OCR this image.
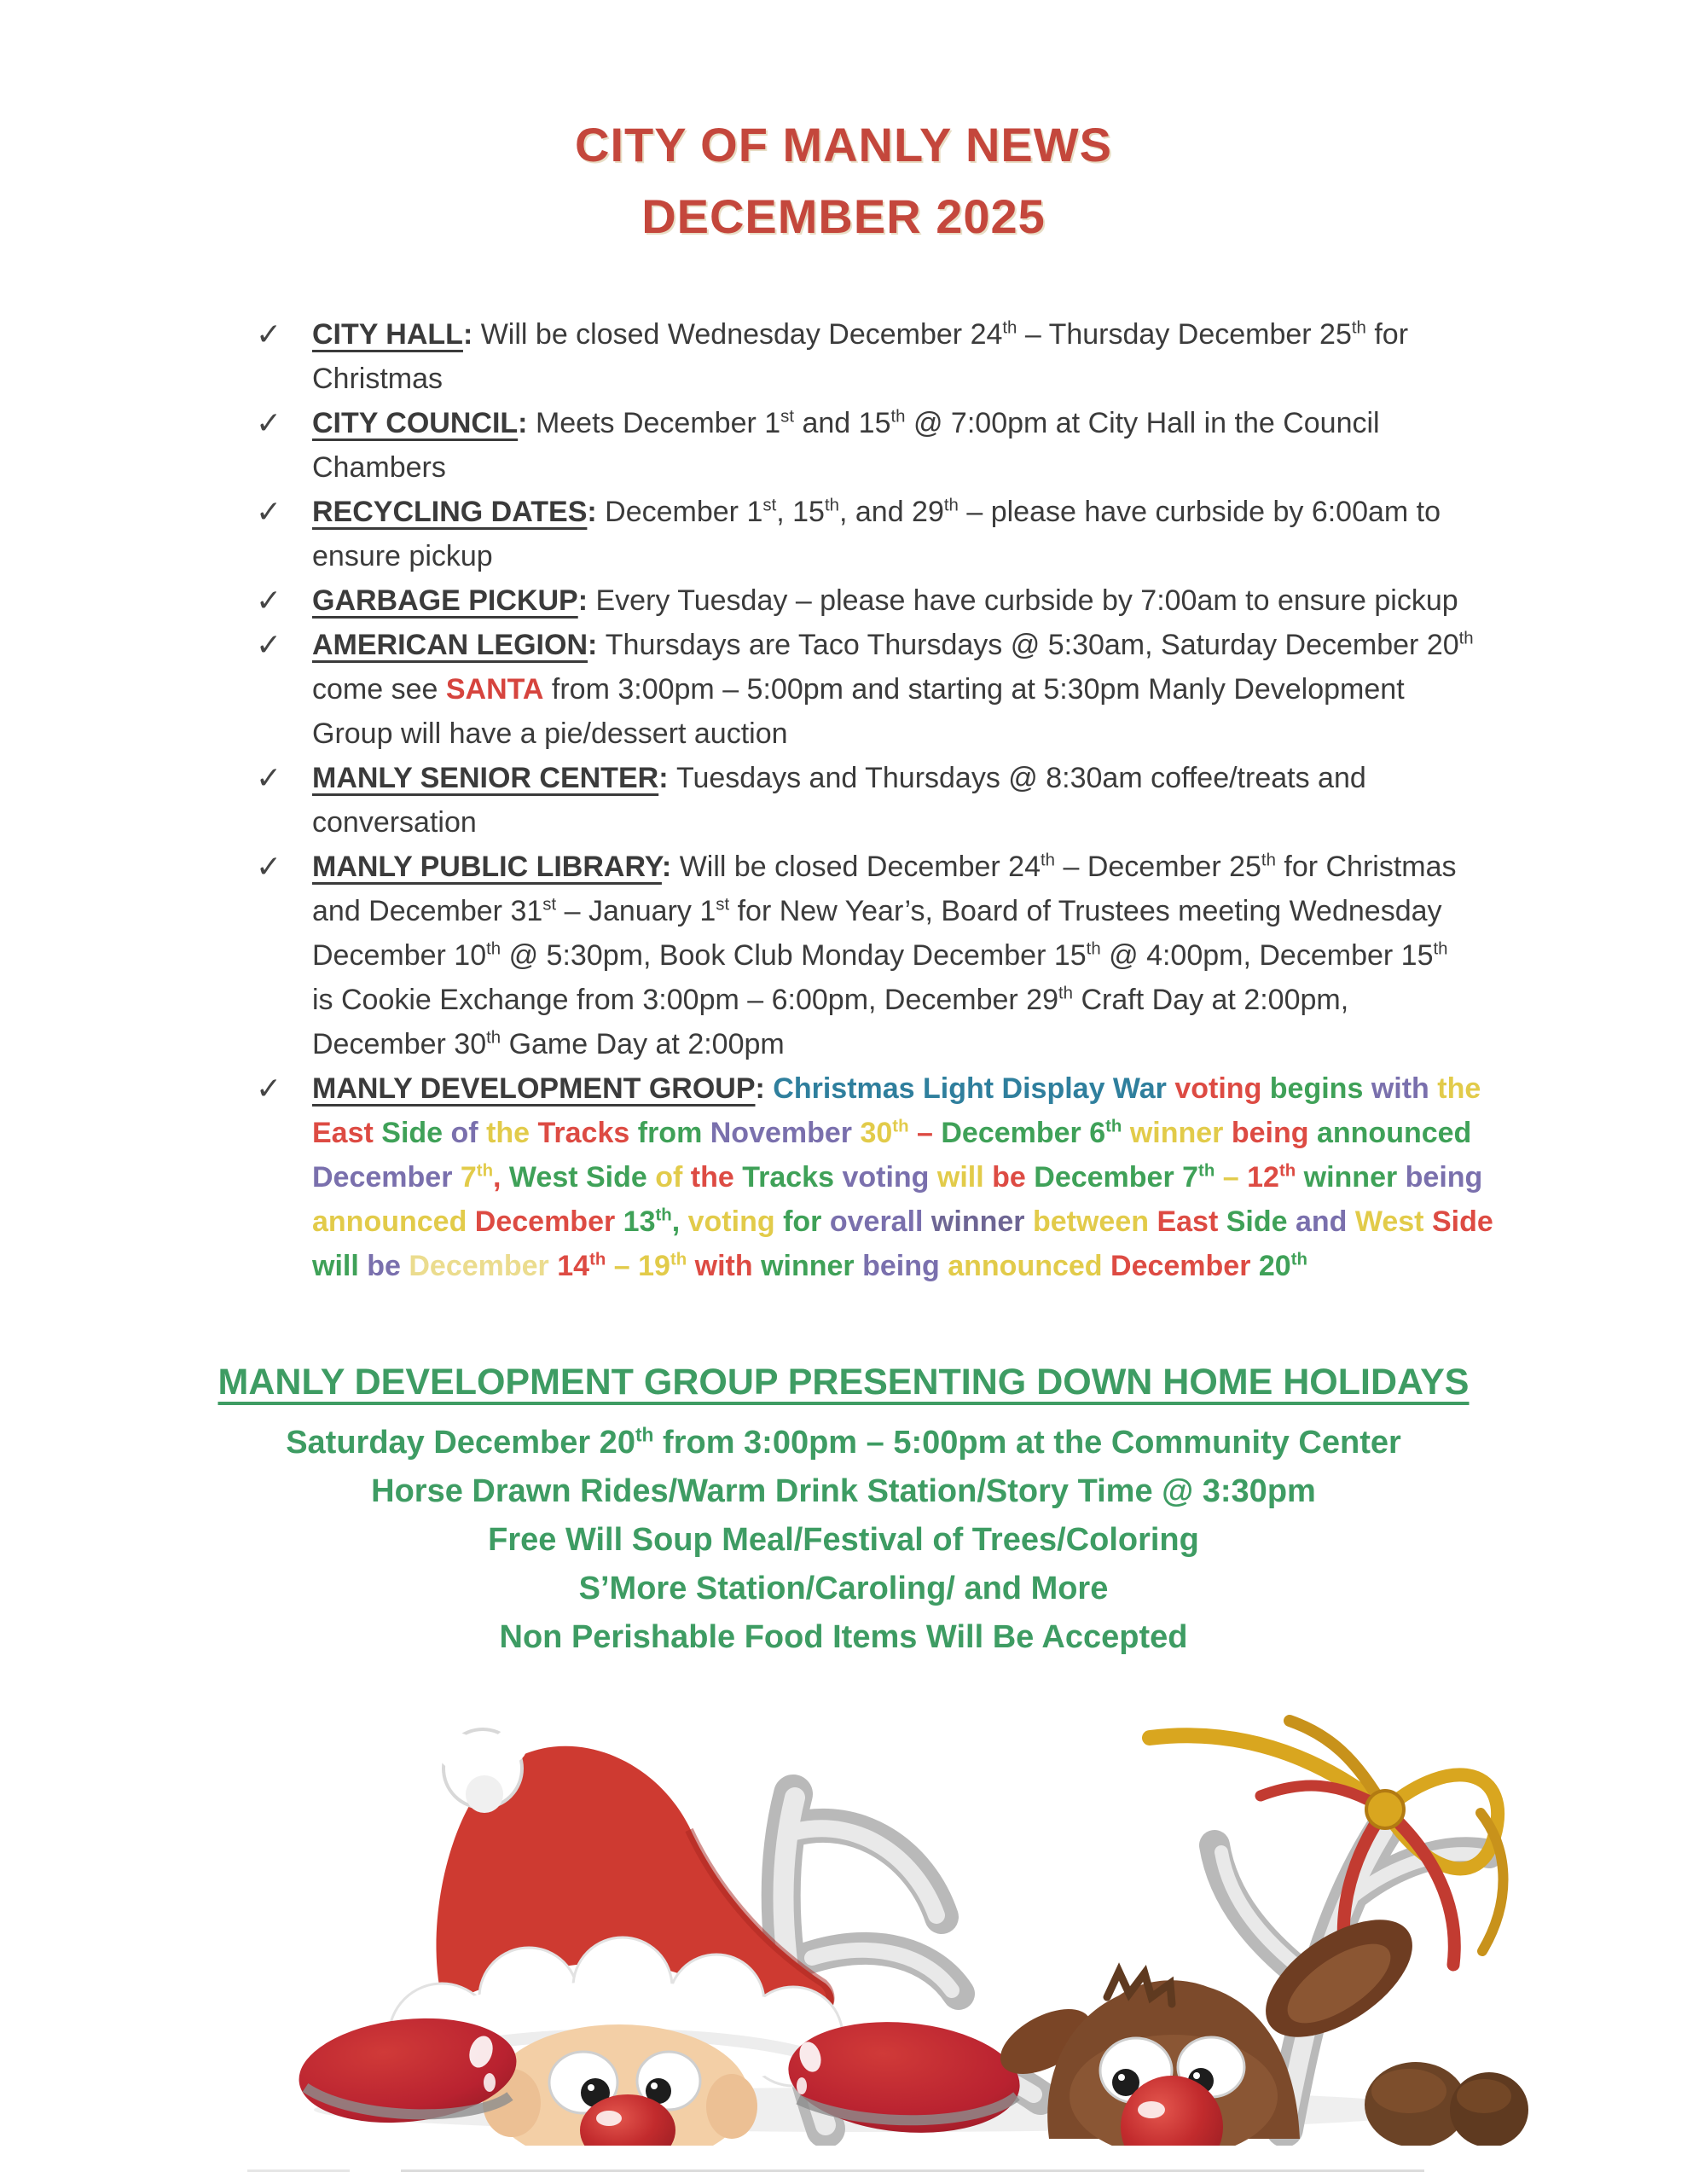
CITY OF MANLY NEWS
DECEMBER 2025
✓	CITY HALL: Will be closed Wednesday December 24th – Thursday December 25th for
Christmas
✓	CITY COUNCIL: Meets December 1st and 15th @ 7:00pm at City Hall in the Council
Chambers
✓	RECYCLING DATES: December 1st, 15th, and 29th – please have curbside by 6:00am to
ensure pickup
✓	GARBAGE PICKUP: Every Tuesday – please have curbside by 7:00am to ensure pickup
✓	AMERICAN LEGION: Thursdays are Taco Thursdays @ 5:30am, Saturday December 20th
come see SANTA from 3:00pm – 5:00pm and starting at 5:30pm Manly Development
Group will have a pie/dessert auction
✓	MANLY SENIOR CENTER: Tuesdays and Thursdays @ 8:30am coffee/treats and
conversation
✓	MANLY PUBLIC LIBRARY: Will be closed December 24th – December 25th for Christmas
and December 31st – January 1st for New Year’s, Board of Trustees meeting Wednesday
December 10th @ 5:30pm, Book Club Monday December 15th @ 4:00pm, December 15th
is Cookie Exchange from 3:00pm – 6:00pm, December 29th Craft Day at 2:00pm,
December 30th Game Day at 2:00pm
✓	MANLY DEVELOPMENT GROUP: Christmas Light Display War voting begins with the
East Side of the Tracks from November 30th – December 6th winner being announced
December 7th, West Side of the Tracks voting will be December 7th – 12th winner being
announced December 13th, voting for overall winner between East Side and West Side
will be December 14th – 19th with winner being announced December 20th
MANLY DEVELOPMENT GROUP PRESENTING DOWN HOME HOLIDAYS
Saturday December 20th from 3:00pm – 5:00pm at the Community Center
Horse Drawn Rides/Warm Drink Station/Story Time @ 3:30pm
Free Will Soup Meal/Festival of Trees/Coloring
S’More Station/Caroling/ and More
Non Perishable Food Items Will Be Accepted
